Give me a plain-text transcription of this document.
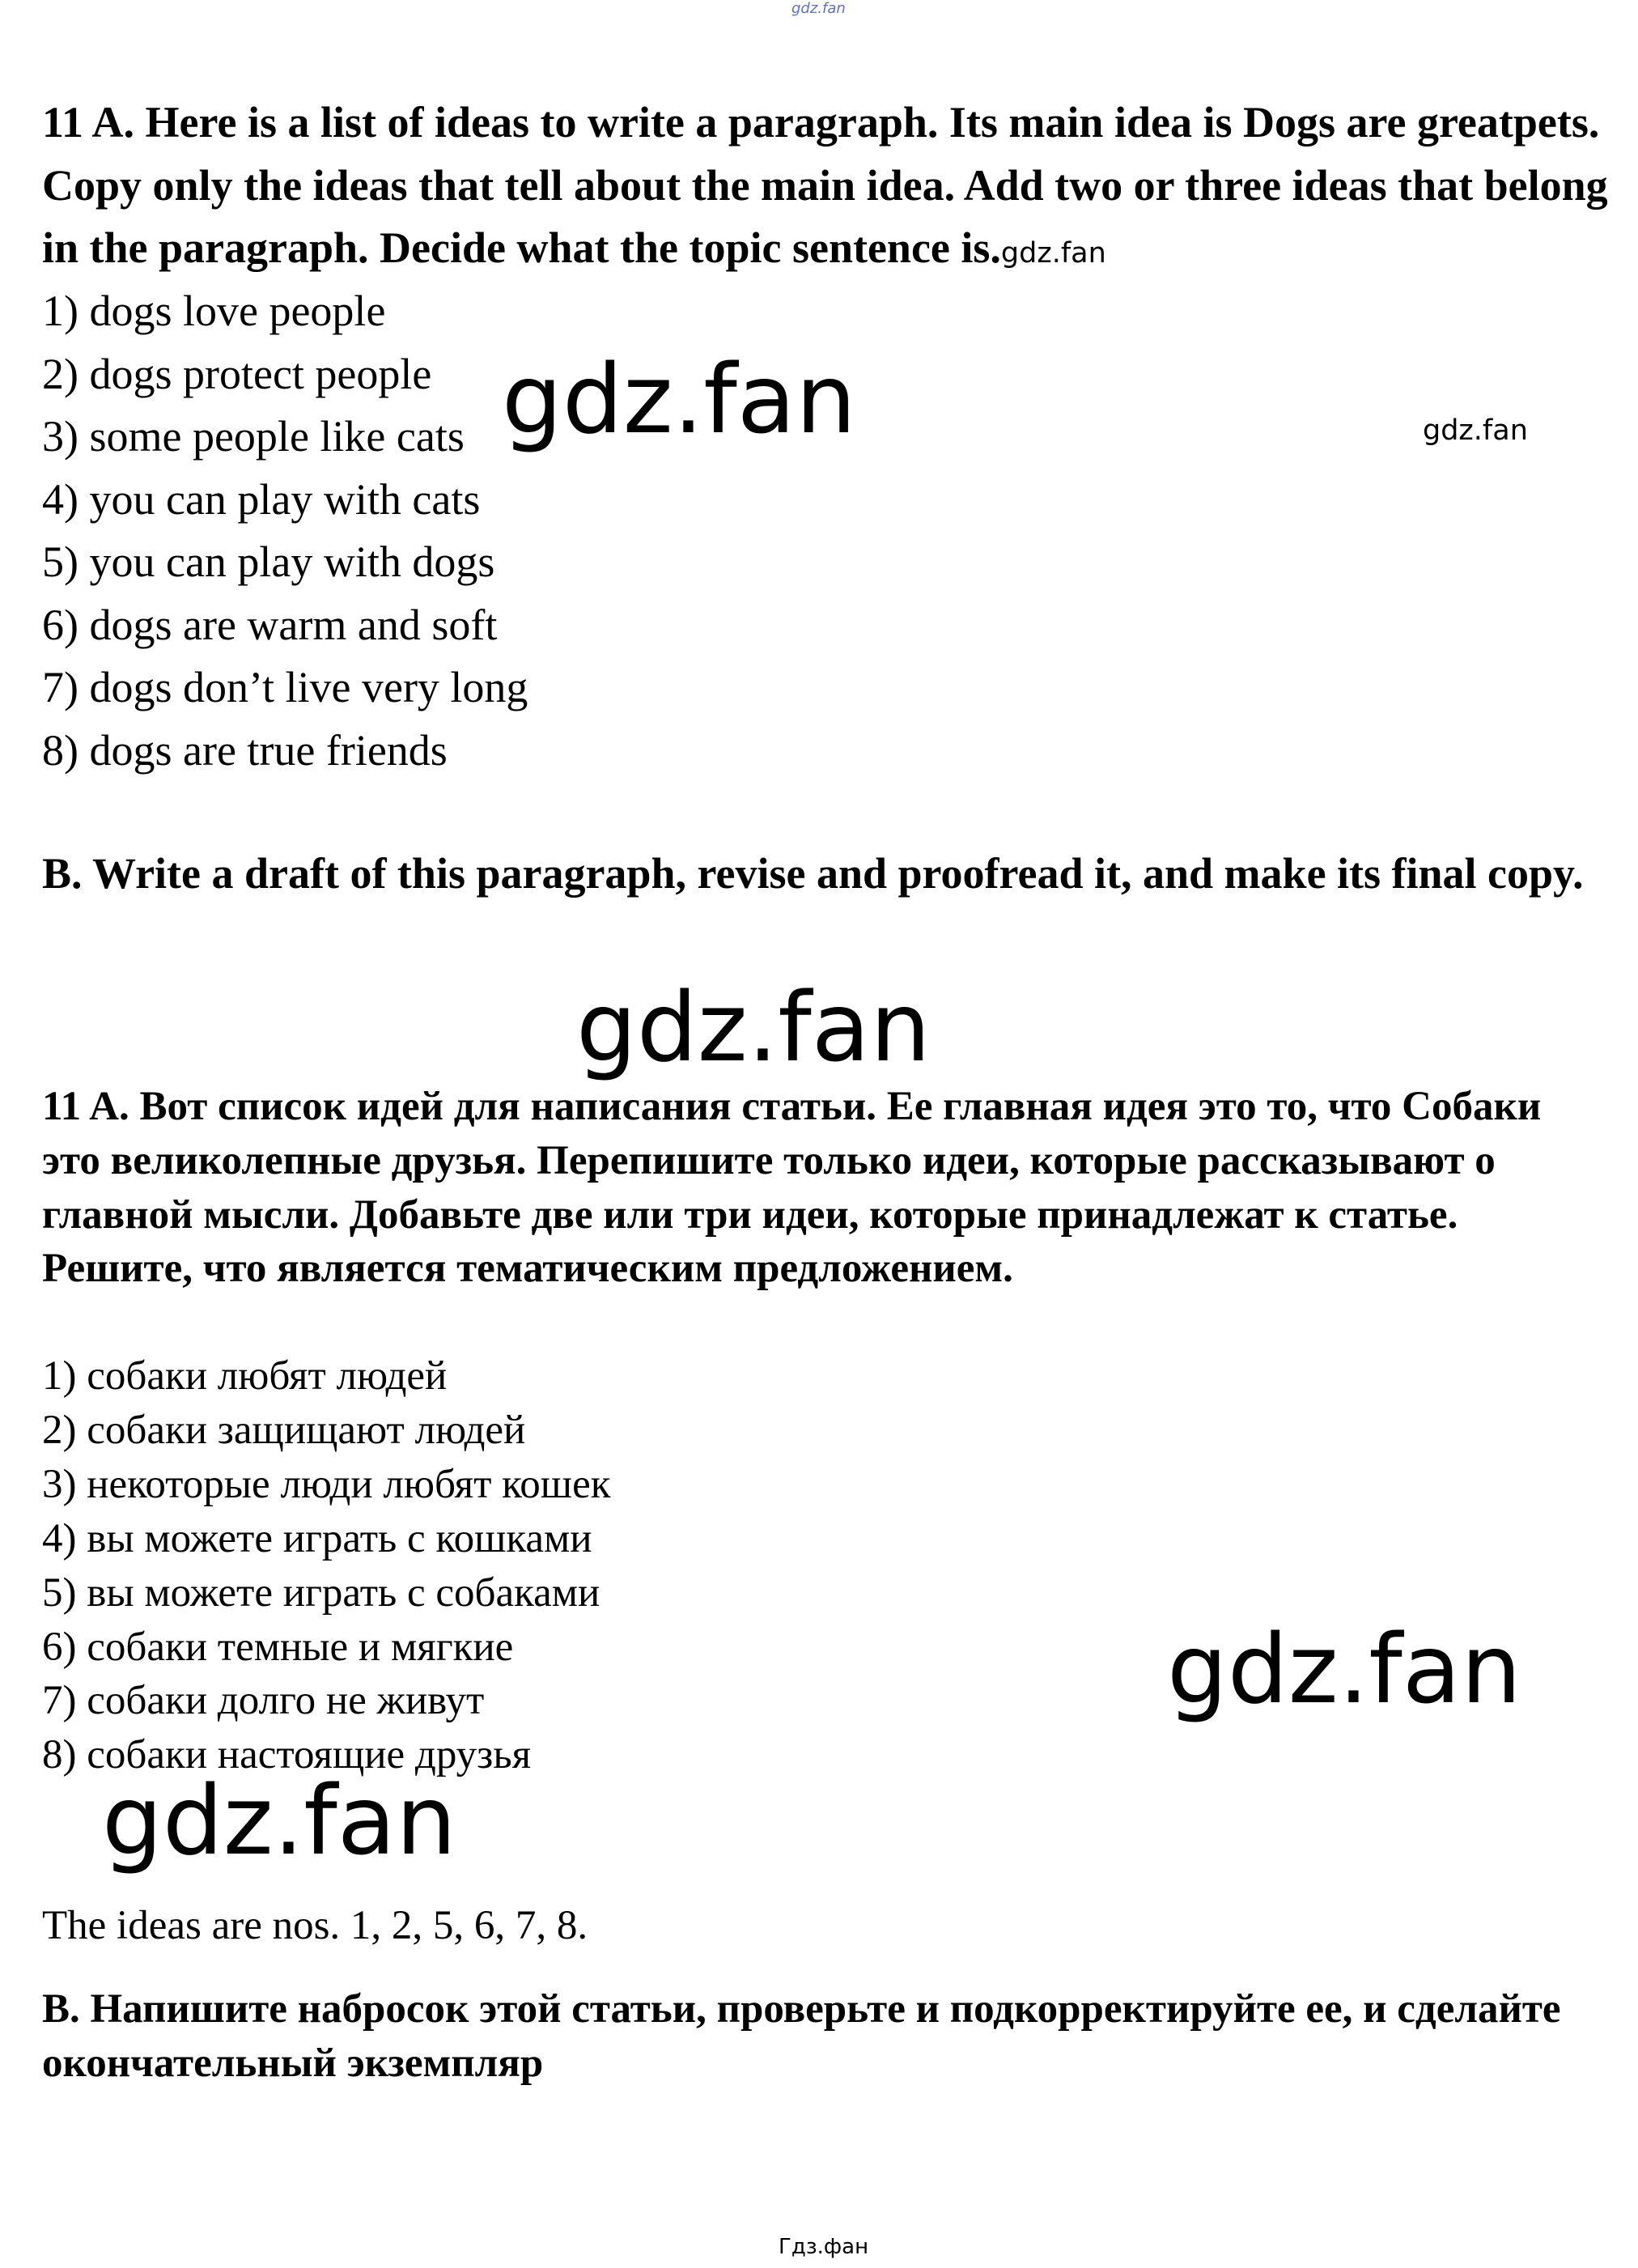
11 A. Here is a list of ideas to write a paragraph. Its main idea is Dogs are greatpets. Copy only the ideas that tell about the main idea. Add two or three ideas that belong in the paragraph. Decide what the topic sentence is.gdz.fan

1) dogs love people
2) dogs protect people
3) some people like cats
4) you can play with cats
5) you can play with dogs
6) dogs are warm and soft
7) dogs don’t live very long
8) dogs are true friends

B. Write a draft of this paragraph, revise and proofread it, and make its final copy.

11 A. Вот список идей для написания статьи. Ее главная идея это то, что Собаки это великолепные друзья. Перепишите только идеи, которые рассказывают о главной мысли. Добавьте две или три идеи, которые принадлежат к статье. Решите, что является тематическим предложением.

1) собаки любят людей
2) собаки защищают людей
3) некоторые люди любят кошек
4) вы можете играть с кошками
5) вы можете играть с собаками
6) собаки темные и мягкие
7) собаки долго не живут
8) собаки настоящие друзья

The ideas are nos. 1, 2, 5, 6, 7, 8.

B. Напишите набросок этой статьи, проверьте и подкорректируйте ее, и сделайте окончательный экземпляр

gdz.fan
gdz.fan	gdz.fan
gdz.fan
gdz.fan
gdz.fan
Гдз.фан
